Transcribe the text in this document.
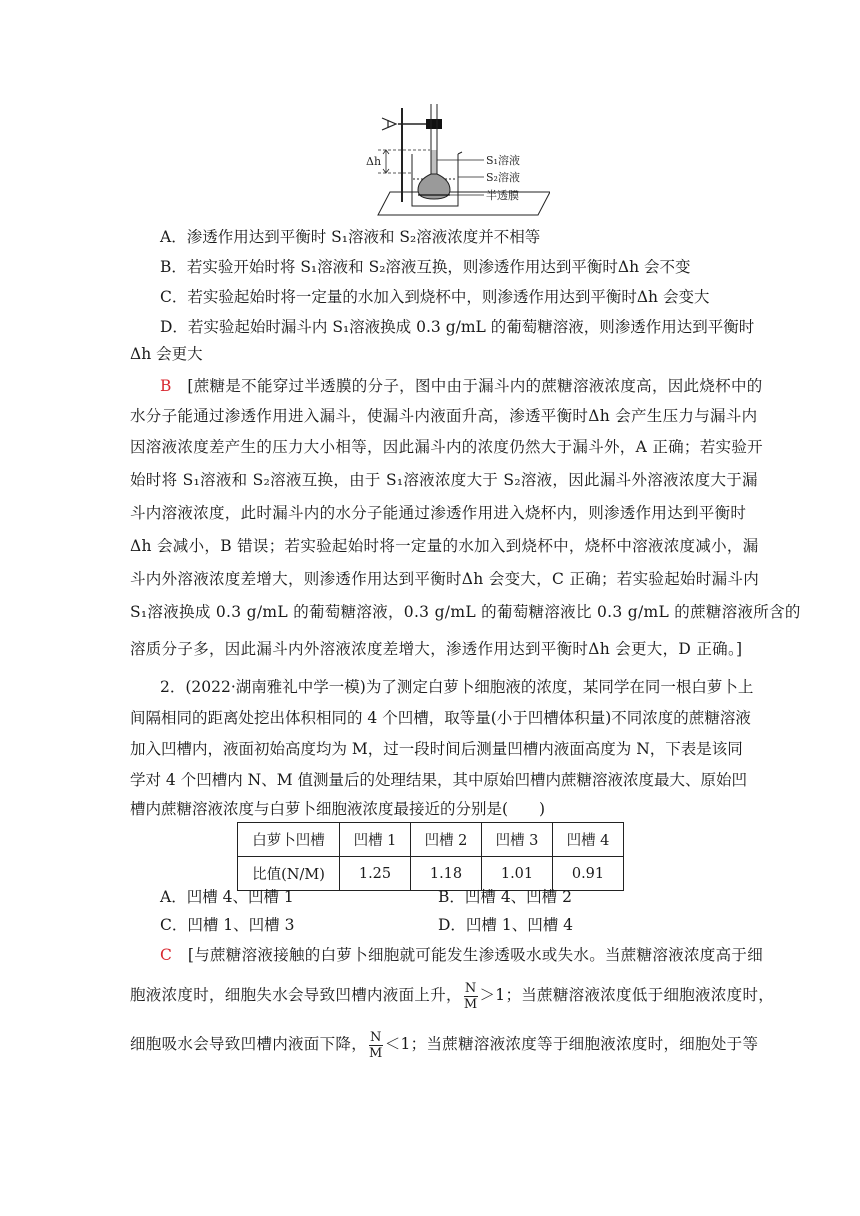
Δh	S₁溶液
S₂溶液
半透膜
A．渗透作用达到平衡时 S₁溶液和 S₂溶液浓度并不相等
B．若实验开始时将 S₁溶液和 S₂溶液互换，则渗透作用达到平衡时Δh 会不变
C．若实验起始时将一定量的水加入到烧杯中，则渗透作用达到平衡时Δh 会变大
D．若实验起始时漏斗内 S₁溶液换成 0.3 g/mL 的葡萄糖溶液，则渗透作用达到平衡时
Δh 会更大
B [蔗糖是不能穿过半透膜的分子，图中由于漏斗内的蔗糖溶液浓度高，因此烧杯中的
水分子能通过渗透作用进入漏斗，使漏斗内液面升高，渗透平衡时Δh 会产生压力与漏斗内
因溶液浓度差产生的压力大小相等，因此漏斗内的浓度仍然大于漏斗外，A 正确；若实验开
始时将 S₁溶液和 S₂溶液互换，由于 S₁溶液浓度大于 S₂溶液，因此漏斗外溶液浓度大于漏
斗内溶液浓度，此时漏斗内的水分子能通过渗透作用进入烧杯内，则渗透作用达到平衡时
Δh 会减小，B 错误；若实验起始时将一定量的水加入到烧杯中，烧杯中溶液浓度减小，漏
斗内外溶液浓度差增大，则渗透作用达到平衡时Δh 会变大，C 正确；若实验起始时漏斗内
S₁溶液换成 0.3 g/mL 的葡萄糖溶液，0.3 g/mL 的葡萄糖溶液比 0.3 g/mL 的蔗糖溶液所含的
溶质分子多，因此漏斗内外溶液浓度差增大，渗透作用达到平衡时Δh 会更大，D 正确。]
2．(2022·湖南雅礼中学一模)为了测定白萝卜细胞液的浓度，某同学在同一根白萝卜上
间隔相同的距离处挖出体积相同的 4 个凹槽，取等量(小于凹槽体积量)不同浓度的蔗糖溶液
加入凹槽内，液面初始高度均为 M，过一段时间后测量凹槽内液面高度为 N，下表是该同
学对 4 个凹槽内 N、M 值测量后的处理结果，其中原始凹槽内蔗糖溶液浓度最大、原始凹
槽内蔗糖溶液浓度与白萝卜细胞液浓度最接近的分别是(　　)
白萝卜凹槽	凹槽 1	凹槽 2	凹槽 3	凹槽 4
比值(N/M)	1.25	1.18	1.01	0.91
A．凹槽 4、凹槽 1	B．凹槽 4、凹槽 2
C．凹槽 1、凹槽 3	D．凹槽 1、凹槽 4
C [与蔗糖溶液接触的白萝卜细胞就可能发生渗透吸水或失水。当蔗糖溶液浓度高于细
胞液浓度时，细胞失水会导致凹槽内液面上升， $\frac{N}{M} >1$；当蔗糖溶液浓度低于细胞液浓度时，
细胞吸水会导致凹槽内液面下降， $\frac{N}{M} <1$；当蔗糖溶液浓度等于细胞液浓度时，细胞处于等
